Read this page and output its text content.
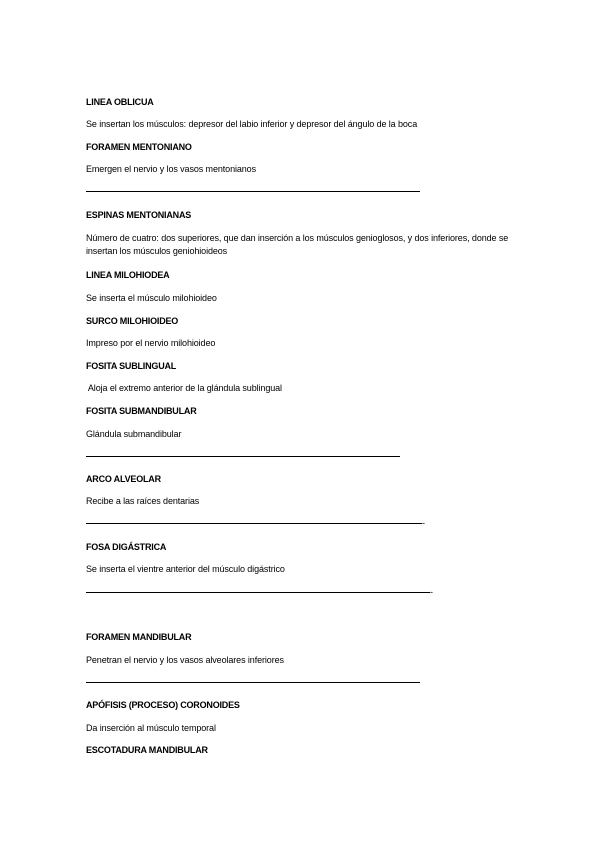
LINEA OBLICUA
Se insertan los músculos: depresor del labio inferior y depresor del ángulo de la boca
FORAMEN MENTONIANO
Emergen el nervio y los vasos mentonianos
ESPINAS MENTONIANAS
Número de cuatro: dos superiores, que dan inserción a los músculos genioglosos, y dos inferiores, donde se insertan los músculos geniohioideos
LINEA MILOHIODEA
Se inserta el músculo milohioideo
SURCO MILOHIOIDEO
Impreso por el nervio milohioideo
FOSITA SUBLINGUAL
Aloja el extremo anterior de la glándula sublingual
FOSITA SUBMANDIBULAR
Glándula submandibular
ARCO ALVEOLAR
Recibe a las raíces dentarias
-
FOSA DIGÁSTRICA
Se inserta el vientre anterior del músculo digástrico
-
FORAMEN MANDIBULAR
Penetran el nervio y los vasos alveolares inferiores
APÓFISIS (PROCESO) CORONOIDES
Da inserción al músculo temporal
ESCOTADURA MANDIBULAR
